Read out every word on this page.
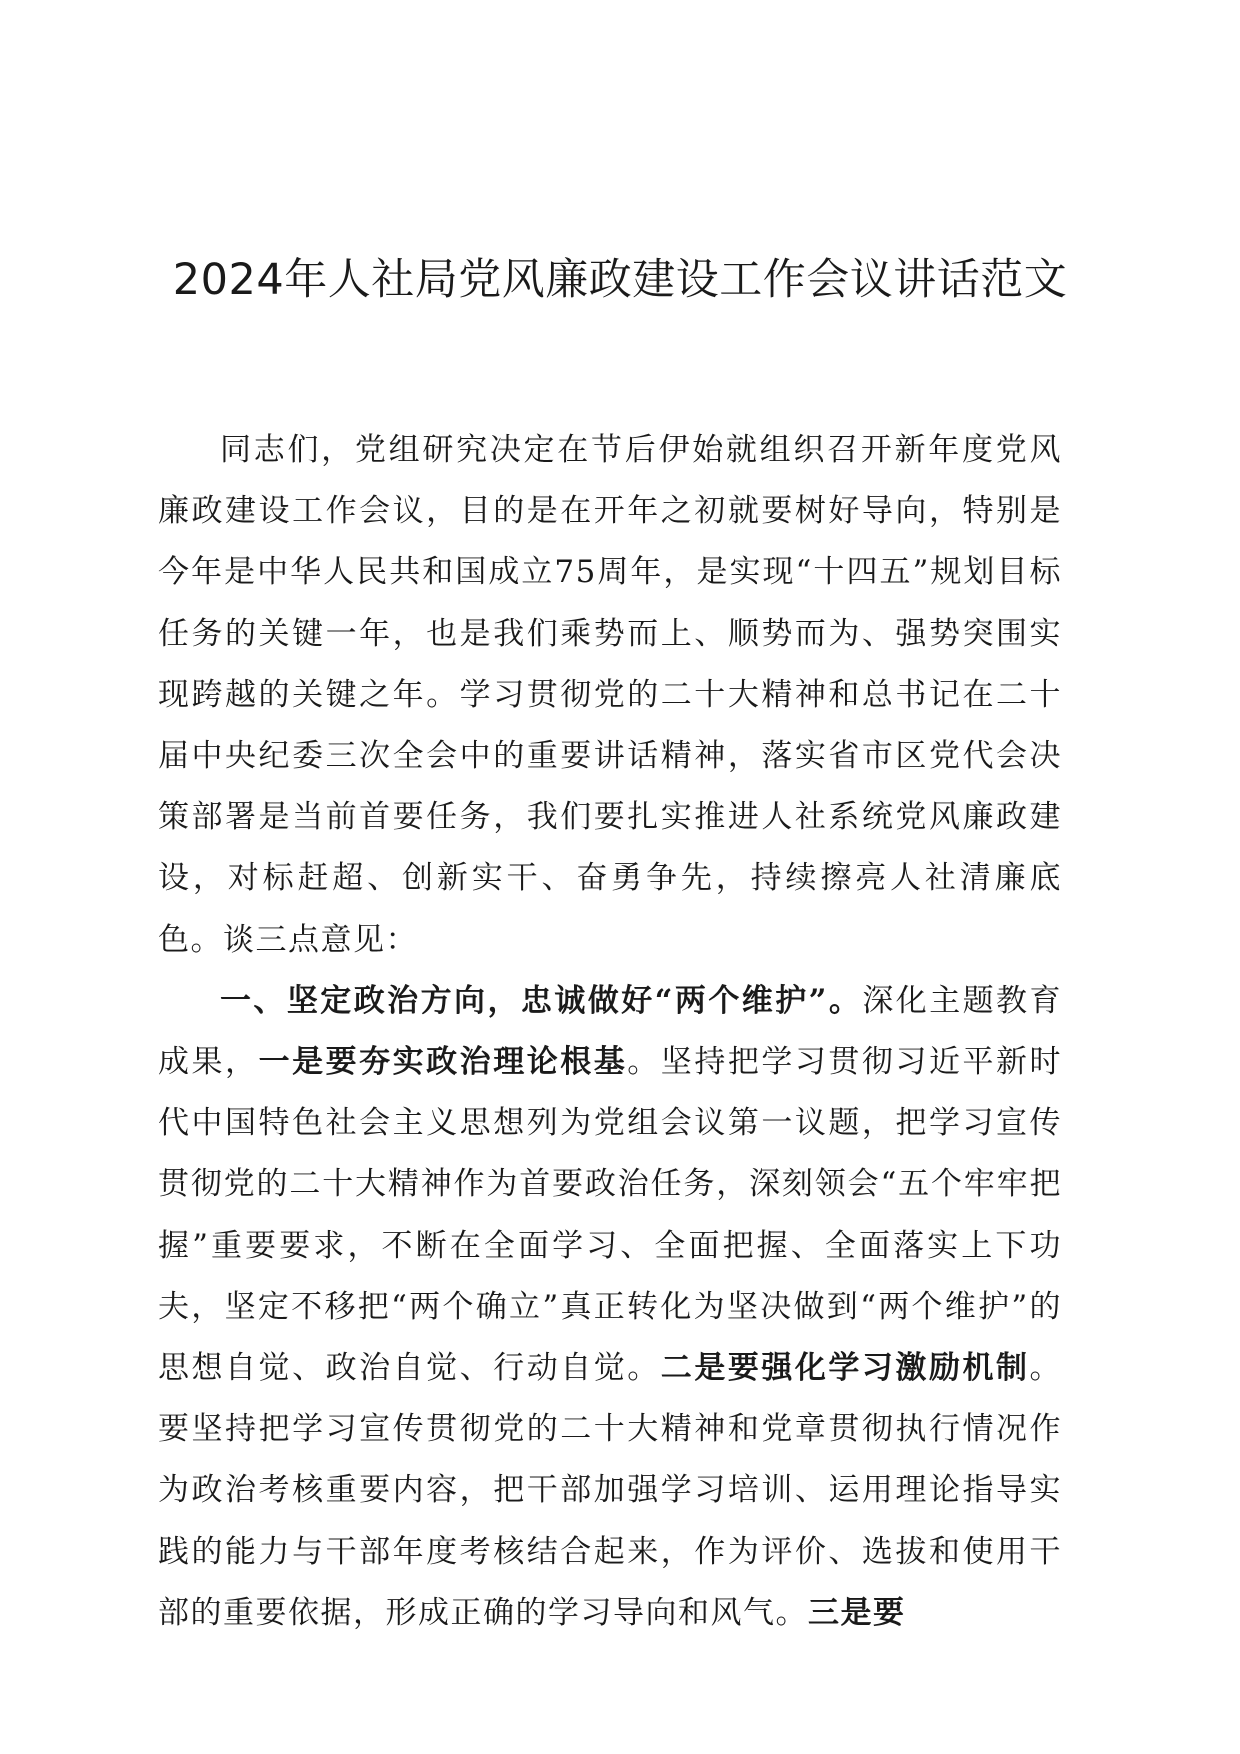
2024年人社局党风廉政建设工作会议讲话范文

同志们，党组研究决定在节后伊始就组织召开新年度党风廉政建设工作会议，目的是在开年之初就要树好导向，特别是今年是中华人民共和国成立75周年，是实现“十四五”规划目标任务的关键一年，也是我们乘势而上、顺势而为、强势突围实现跨越的关键之年。学习贯彻党的二十大精神和总书记在二十届中央纪委三次全会中的重要讲话精神，落实省市区党代会决策部署是当前首要任务，我们要扎实推进人社系统党风廉政建设，对标赶超、创新实干、奋勇争先，持续擦亮人社清廉底色。谈三点意见：

一、坚定政治方向，忠诚做好“两个维护”。深化主题教育成果，一是要夯实政治理论根基。坚持把学习贯彻习近平新时代中国特色社会主义思想列为党组会议第一议题，把学习宣传贯彻党的二十大精神作为首要政治任务，深刻领会“五个牢牢把握”重要要求，不断在全面学习、全面把握、全面落实上下功夫，坚定不移把“两个确立”真正转化为坚决做到“两个维护”的思想自觉、政治自觉、行动自觉。二是要强化学习激励机制。要坚持把学习宣传贯彻党的二十大精神和党章贯彻执行情况作为政治考核重要内容，把干部加强学习培训、运用理论指导实践的能力与干部年度考核结合起来，作为评价、选拔和使用干部的重要依据，形成正确的学习导向和风气。三是要
